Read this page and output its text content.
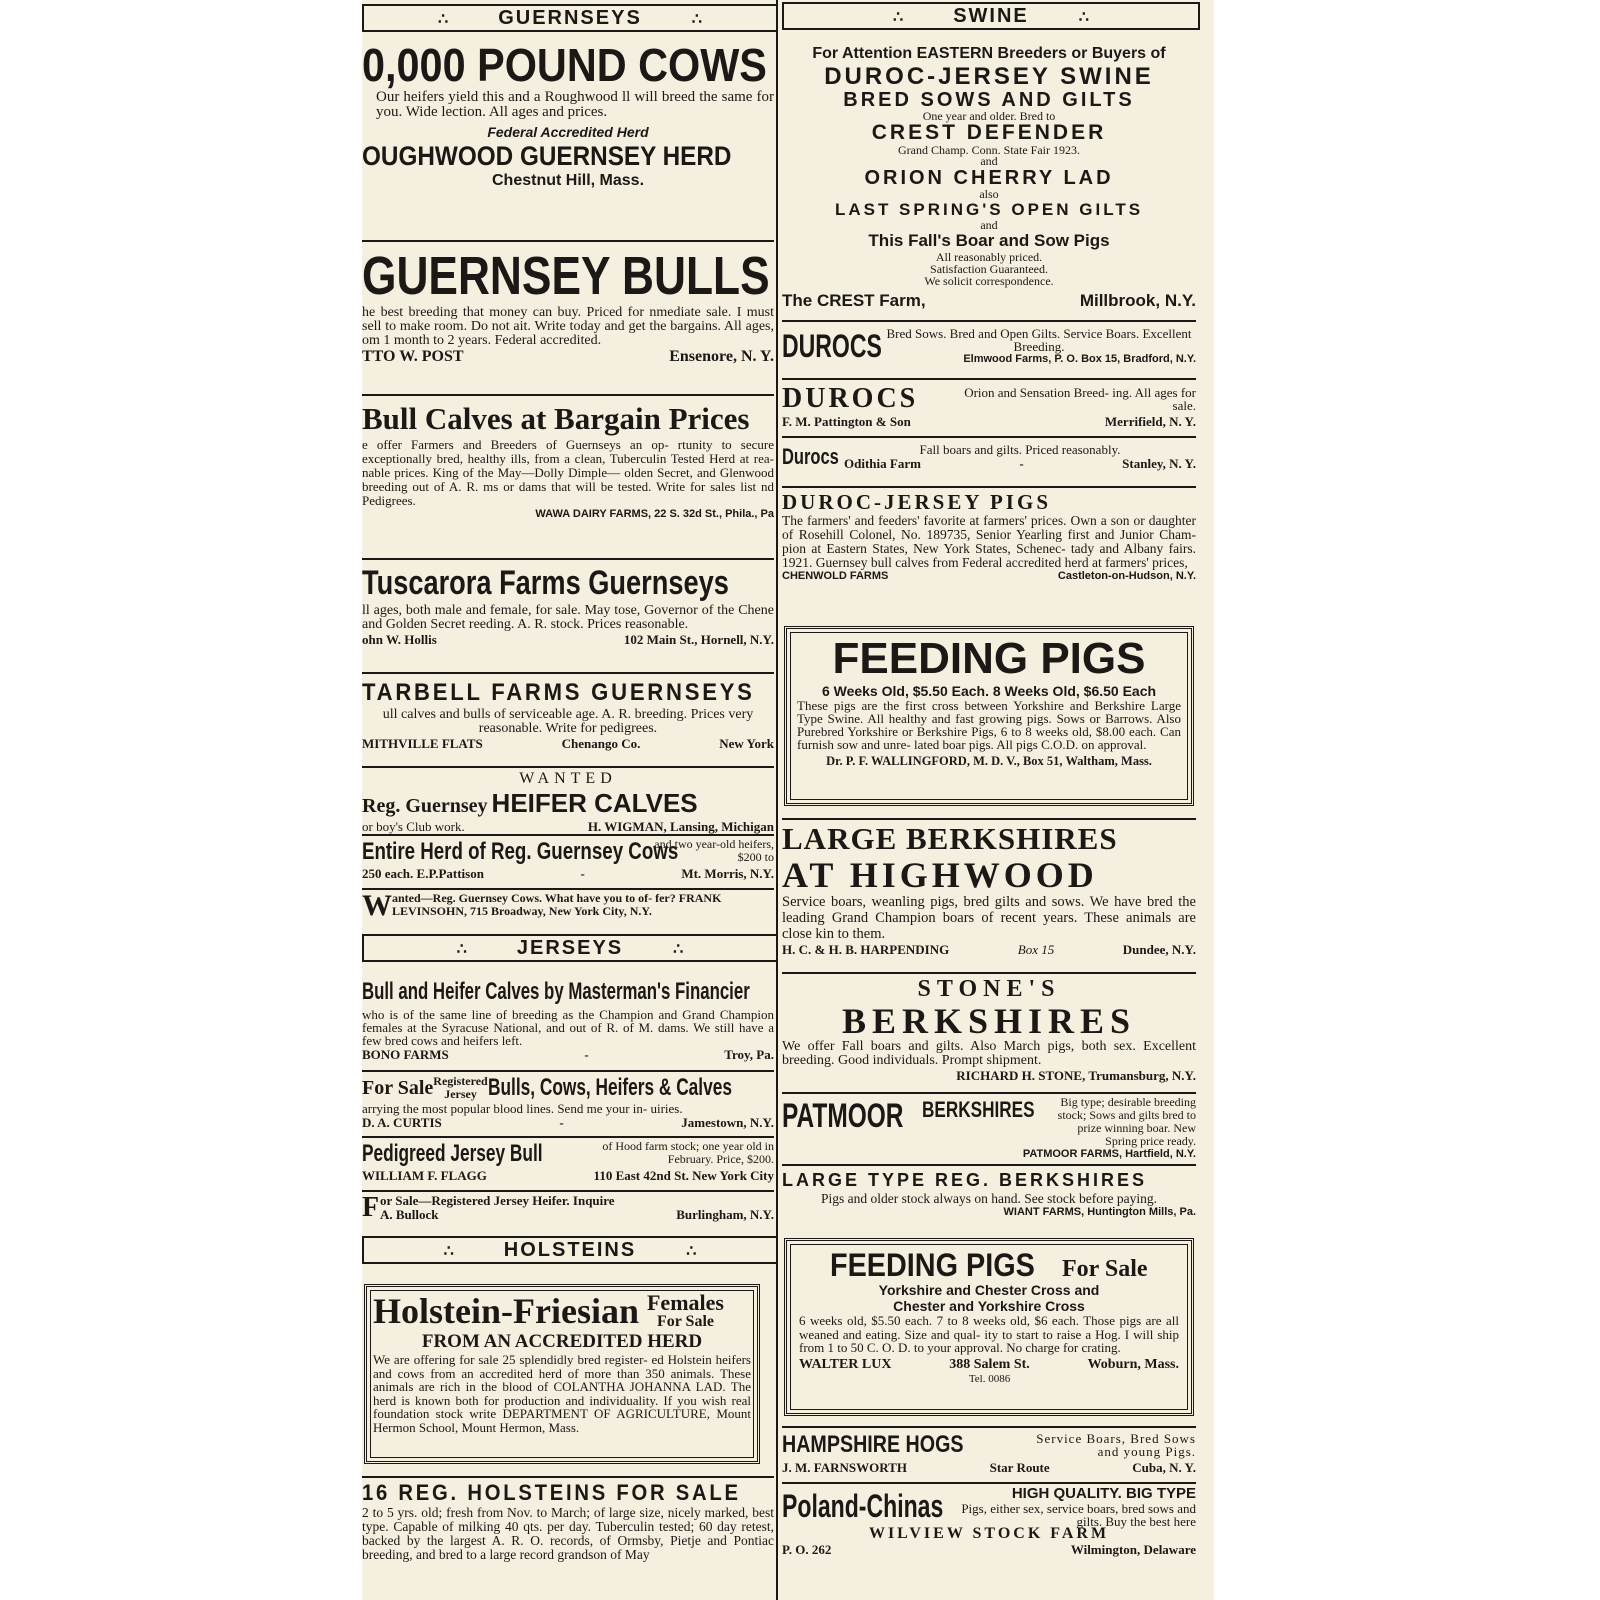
∴	GUERNSEYS	∴
0,000 POUND COWS
Our heifers yield this and a Roughwood ll will breed the same for you. Wide lection. All ages and prices.
Federal Accredited Herd
OUGHWOOD GUERNSEY HERD
Chestnut Hill, Mass.
GUERNSEY BULLS
he best breeding that money can buy. Priced for nmediate sale. I must sell to make room. Do not ait. Write today and get the bargains. All ages, om 1 month to 2 years. Federal accredited.
TTO W. POST	Ensenore, N. Y.
Bull Calves at Bargain Prices
e offer Farmers and Breeders of Guernseys an op- rtunity to secure exceptionally bred, healthy ills, from a clean, Tuberculin Tested Herd at rea- nable prices. King of the May—Dolly Dimple— olden Secret, and Glenwood breeding out of A. R. ms or dams that will be tested. Write for sales list nd Pedigrees.
WAWA DAIRY FARMS, 22 S. 32d St., Phila., Pa
Tuscarora Farms Guernseys
ll ages, both male and female, for sale. May tose, Governor of the Chene and Golden Secret reeding. A. R. stock. Prices reasonable.
ohn W. Hollis	102 Main St., Hornell, N.Y.
TARBELL FARMS GUERNSEYS
ull calves and bulls of serviceable age. A. R. breeding. Prices very reasonable. Write for pedigrees.
MITHVILLE FLATS	Chenango Co.	New York
WANTED
Reg. Guernsey HEIFER CALVES
or boy's Club work.	H. WIGMAN, Lansing, Michigan
Entire Herd of Reg. Guernsey Cows
and two year-old heifers, $200 to
250 each. E.P.Pattison	-	Mt. Morris, N.Y.
W anted—Reg. Guernsey Cows. What have you to of- fer? FRANK LEVINSOHN, 715 Broadway, New York City, N.Y.
∴	JERSEYS	∴
Bull and Heifer Calves by Masterman's Financier
who is of the same line of breeding as the Champion and Grand Champion females at the Syracuse National, and out of R. of M. dams. We still have a few bred cows and heifers left.
BONO FARMS	-	Troy, Pa.
For Sale Registered Jersey Bulls, Cows, Heifers & Calves
arrying the most popular blood lines. Send me your in- uiries.
D. A. CURTIS	-	Jamestown, N.Y.
Pedigreed Jersey Bull	of Hood farm stock; one year old in February. Price, $200.
WILLIAM F. FLAGG	110 East 42nd St. New York City
F or Sale—Registered Jersey Heifer. Inquire
A. Bullock	Burlingham, N.Y.
∴	HOLSTEINS	∴
Holstein-Friesian Females
For Sale
FROM AN ACCREDITED HERD
We are offering for sale 25 splendidly bred register- ed Holstein heifers and cows from an accredited herd of more than 350 animals. These animals are rich in the blood of COLANTHA JOHANNA LAD. The herd is known both for production and individuality. If you wish real foundation stock write DEPARTMENT OF AGRICULTURE, Mount Hermon School, Mount Hermon, Mass.
16 REG. HOLSTEINS FOR SALE
2 to 5 yrs. old; fresh from Nov. to March; of large size, nicely marked, best type. Capable of milking 40 qts. per day. Tuberculin tested; 60 day retest, backed by the largest A. R. O. records, of Ormsby, Pietje and Pontiac breeding, and bred to a large record grandson of May
∴	SWINE	∴
For Attention EASTERN Breeders or Buyers of
DUROC-JERSEY SWINE
BRED SOWS AND GILTS
One year and older. Bred to
CREST DEFENDER
Grand Champ. Conn. State Fair 1923.
and
ORION CHERRY LAD
also
LAST SPRING'S OPEN GILTS
and
This Fall's Boar and Sow Pigs
All reasonably priced.
Satisfaction Guaranteed.
We solicit correspondence.
The CREST Farm,	Millbrook, N.Y.
DUROCS Bred Sows. Bred and Open Gilts. Service Boars. Excellent Breeding.
Elmwood Farms, P. O. Box 15, Bradford, N.Y.
DUROCS	Orion and Sensation Breed- ing. All ages for sale.
F. M. Pattington & Son	Merrifield, N. Y.
Durocs	Fall boars and gilts. Priced reasonably.
Odithia Farm	-	Stanley, N. Y.
DUROC-JERSEY PIGS
The farmers' and feeders' favorite at farmers' prices. Own a son or daughter of Rosehill Colonel, No. 189735, Senior Yearling first and Junior Cham- pion at Eastern States, New York States, Schenec- tady and Albany fairs. 1921. Guernsey bull calves from Federal accredited herd at farmers' prices,
CHENWOLD FARMS	Castleton-on-Hudson, N.Y.
FEEDING PIGS
6 Weeks Old, $5.50 Each. 8 Weeks Old, $6.50 Each
These pigs are the first cross between Yorkshire and Berkshire Large Type Swine. All healthy and fast growing pigs. Sows or Barrows. Also Purebred Yorkshire or Berkshire Pigs, 6 to 8 weeks old, $8.00 each. Can furnish sow and unre- lated boar pigs. All pigs C.O.D. on approval.
Dr. P. F. WALLINGFORD, M. D. V., Box 51, Waltham, Mass.
LARGE BERKSHIRES
AT HIGHWOOD
Service boars, weanling pigs, bred gilts and sows. We have bred the leading Grand Champion boars of recent years. These animals are close kin to them.
H. C. & H. B. HARPENDING	Box 15	Dundee, N.Y.
STONE'S
BERKSHIRES
We offer Fall boars and gilts. Also March pigs, both sex. Excellent breeding. Good individuals. Prompt shipment.
RICHARD H. STONE, Trumansburg, N.Y.
PATMOOR BERKSHIRES	Big type; desirable breeding stock; Sows and gilts bred to prize winning boar. New Spring price ready.
PATMOOR FARMS, Hartfield, N.Y.
LARGE TYPE REG. BERKSHIRES
Pigs and older stock always on hand. See stock before paying.
WIANT FARMS, Huntington Mills, Pa.
FEEDING PIGS For Sale
Yorkshire and Chester Cross and
Chester and Yorkshire Cross
6 weeks old, $5.50 each. 7 to 8 weeks old, $6 each. Those pigs are all weaned and eating. Size and qual- ity to start to raise a Hog. I will ship from 1 to 50 C. O. D. to your approval. No charge for crating.
WALTER LUX	388 Salem St.
Tel. 0086
Woburn, Mass.
HAMPSHIRE HOGS	Service Boars, Bred Sows and young Pigs.
J. M. FARNSWORTH	Star Route	Cuba, N. Y.
Poland-Chinas	HIGH QUALITY. BIG TYPE
Pigs, either sex, service boars, bred sows and gilts. Buy the best here
WILVIEW STOCK FARM
P. O. 262	Wilmington, Delaware
